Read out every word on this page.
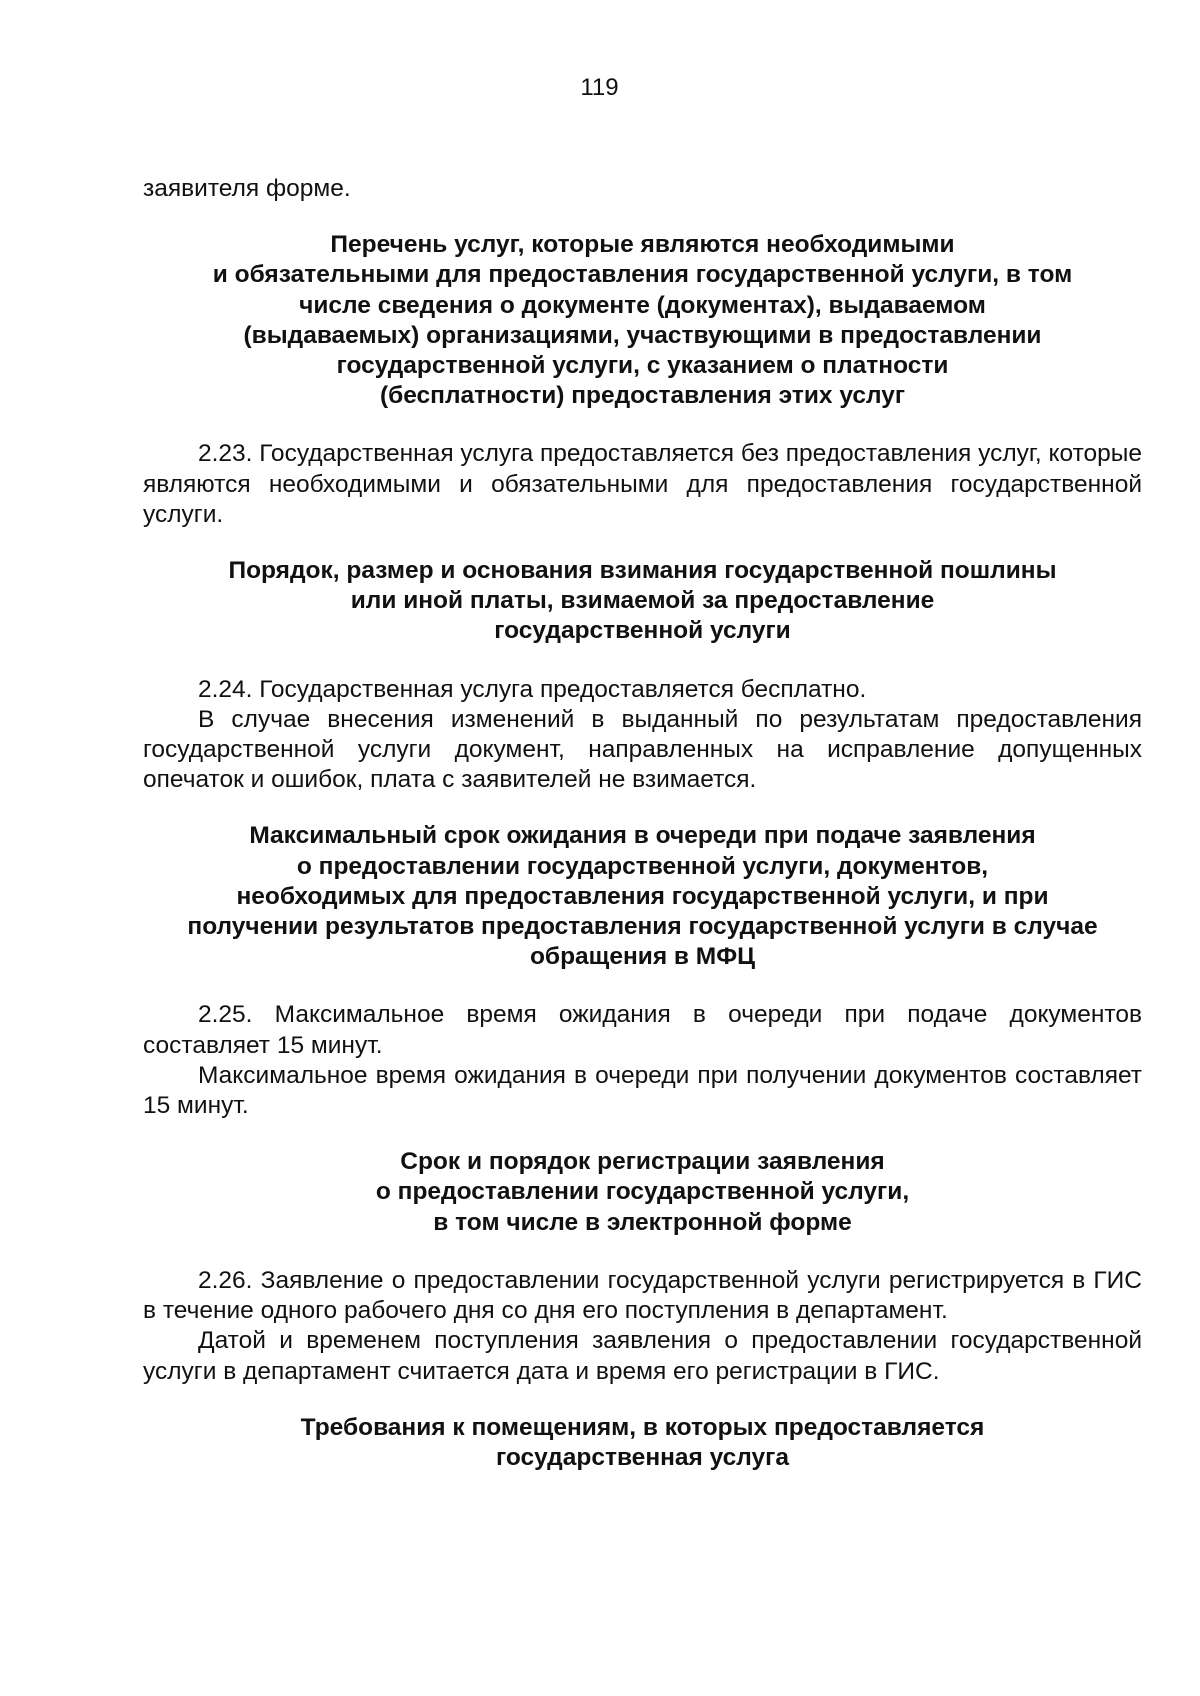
119

заявителя форме.

Перечень услуг, которые являются необходимыми
и обязательными для предоставления государственной услуги, в том
числе сведения о документе (документах), выдаваемом
(выдаваемых) организациями, участвующими в предоставлении
государственной услуги, с указанием о платности
(бесплатности) предоставления этих услуг

2.23. Государственная услуга предоставляется без предоставления услуг, которые являются необходимыми и обязательными для предоставления государственной услуги.

Порядок, размер и основания взимания государственной пошлины
или иной платы, взимаемой за предоставление
государственной услуги

2.24. Государственная услуга предоставляется бесплатно.

В случае внесения изменений в выданный по результатам предоставления государственной услуги документ, направленных на исправление допущенных опечаток и ошибок, плата с заявителей не взимается.

Максимальный срок ожидания в очереди при подаче заявления
о предоставлении государственной услуги, документов,
необходимых для предоставления государственной услуги, и при
получении результатов предоставления государственной услуги в случае
обращения в МФЦ

2.25. Максимальное время ожидания в очереди при подаче документов составляет 15 минут.

Максимальное время ожидания в очереди при получении документов составляет 15 минут.

Срок и порядок регистрации заявления
о предоставлении государственной услуги,
в том числе в электронной форме

2.26. Заявление о предоставлении государственной услуги регистрируется в ГИС в течение одного рабочего дня со дня его поступления в департамент.

Датой и временем поступления заявления о предоставлении государственной услуги в департамент считается дата и время его регистрации в ГИС.

Требования к помещениям, в которых предоставляется
государственная услуга
